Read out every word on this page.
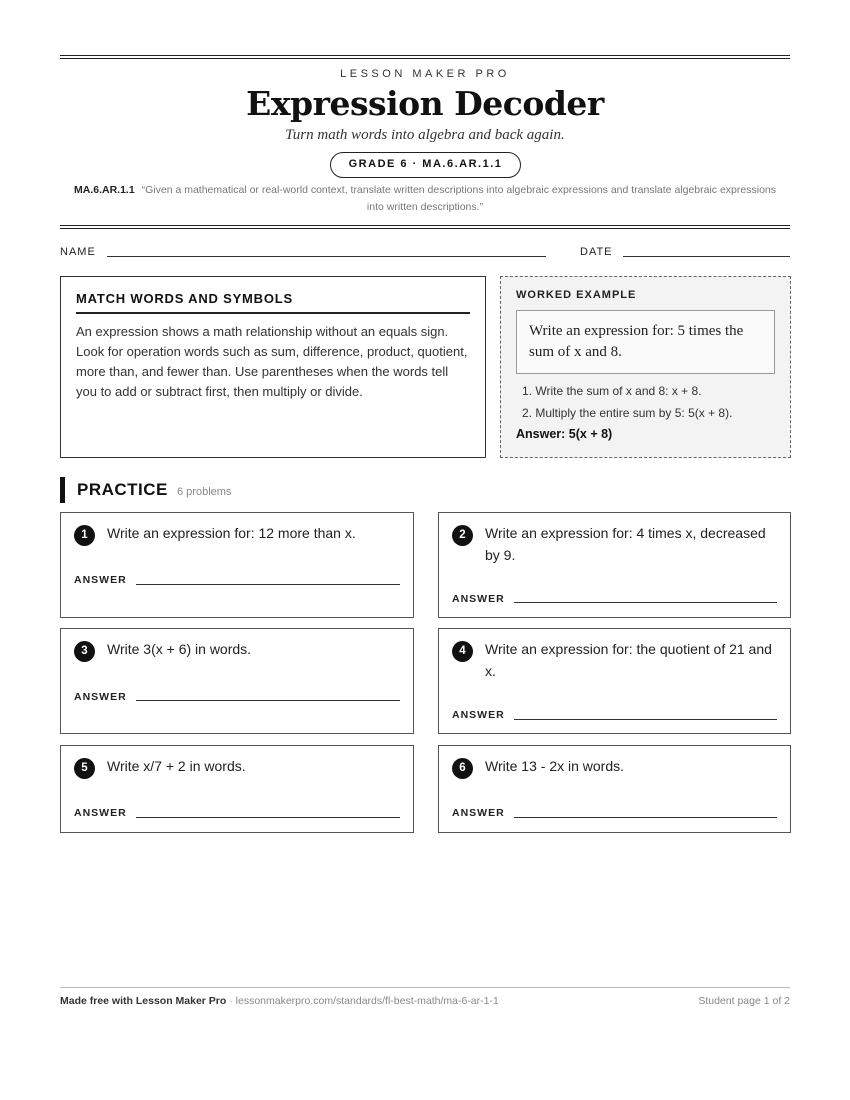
LESSON MAKER PRO
Expression Decoder
Turn math words into algebra and back again.
GRADE 6 · MA.6.AR.1.1
MA.6.AR.1.1 “Given a mathematical or real-world context, translate written descriptions into algebraic expressions and translate algebraic expressions into written descriptions.”
NAME	DATE
MATCH WORDS AND SYMBOLS

An expression shows a math relationship without an equals sign. Look for operation words such as sum, difference, product, quotient, more than, and fewer than. Use parentheses when the words tell you to add or subtract first, then multiply or divide.

WORKED EXAMPLE
Write an expression for: 5 times the sum of x and 8.
1. Write the sum of x and 8: x + 8.
2. Multiply the entire sum by 5: 5(x + 8).
Answer: 5(x + 8)
PRACTICE 6 problems
1	Write an expression for: 12 more than x.
ANSWER
2	Write an expression for: 4 times x, decreased by 9.
ANSWER
3	Write 3(x + 6) in words.
ANSWER
4	Write an expression for: the quotient of 21 and x.
ANSWER
5	Write x/7 + 2 in words.
ANSWER
6	Write 13 - 2x in words.
ANSWER
Made free with Lesson Maker Pro · lessonmakerpro.com/standards/fl-best-math/ma-6-ar-1-1	Student page 1 of 2
